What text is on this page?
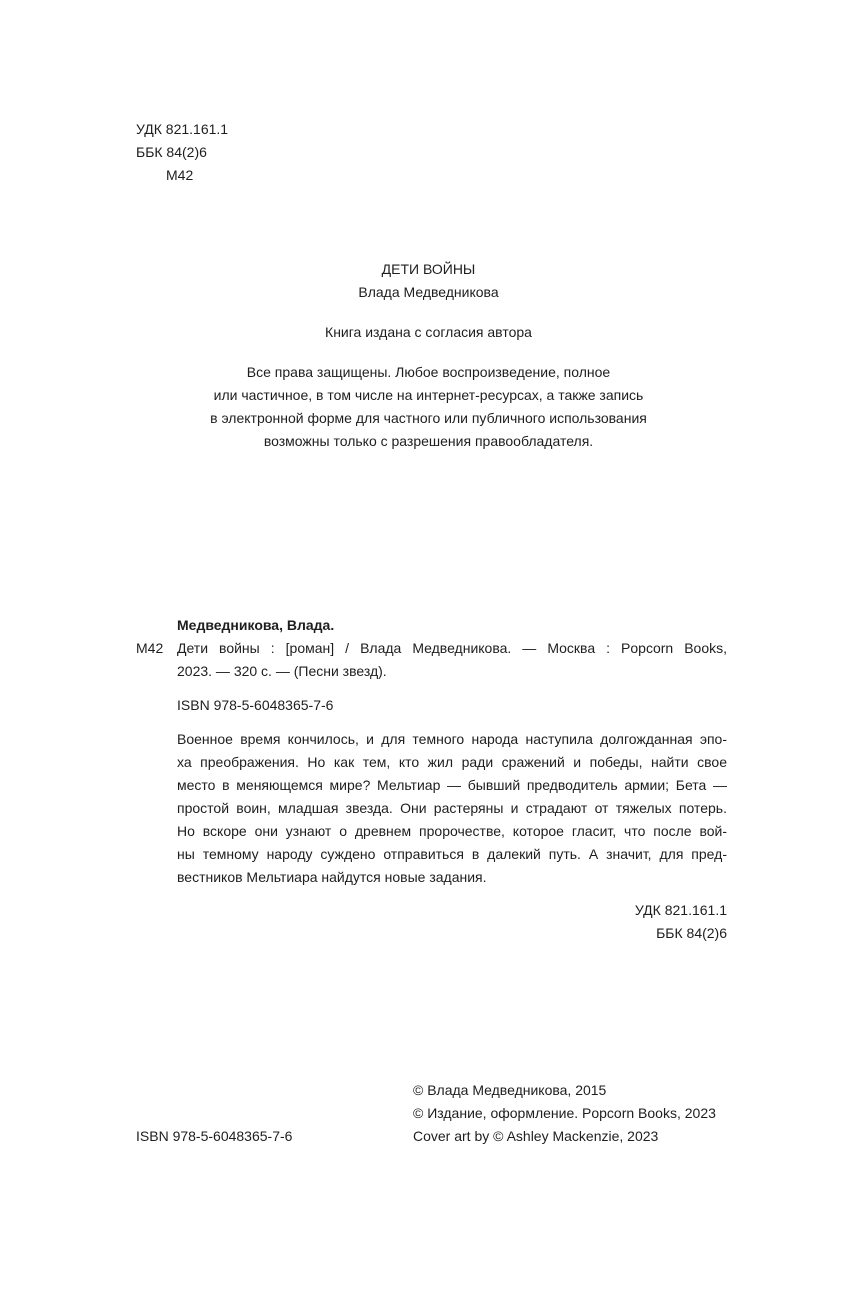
УДК 821.161.1
ББК 84(2)6
М42
ДЕТИ ВОЙНЫ
Влада Медведникова
Книга издана с согласия автора
Все права защищены. Любое воспроизведение, полное
или частичное, в том числе на интернет-ресурсах, а также запись
в электронной форме для частного или публичного использования
возможны только с разрешения правообладателя.
Медведникова, Влада.
М42 Дети войны : [роман] / Влада Медведникова. — Москва : Popcorn Books,
2023. — 320 с. — (Песни звезд).
ISBN 978-5-6048365-7-6
Военное время кончилось, и для темного народа наступила долгожданная эпо-
ха преображения. Но как тем, кто жил ради сражений и победы, найти свое
место в меняющемся мире? Мельтиар — бывший предводитель армии; Бета —
простой воин, младшая звезда. Они растеряны и страдают от тяжелых потерь.
Но вскоре они узнают о древнем пророчестве, которое гласит, что после вой-
ны темному народу суждено отправиться в далекий путь. А значит, для пред-
вестников Мельтиара найдутся новые задания.
УДК 821.161.1
ББК 84(2)6
© Влада Медведникова, 2015
© Издание, оформление. Popcorn Books, 2023
Cover art by © Ashley Mackenzie, 2023
ISBN 978-5-6048365-7-6
